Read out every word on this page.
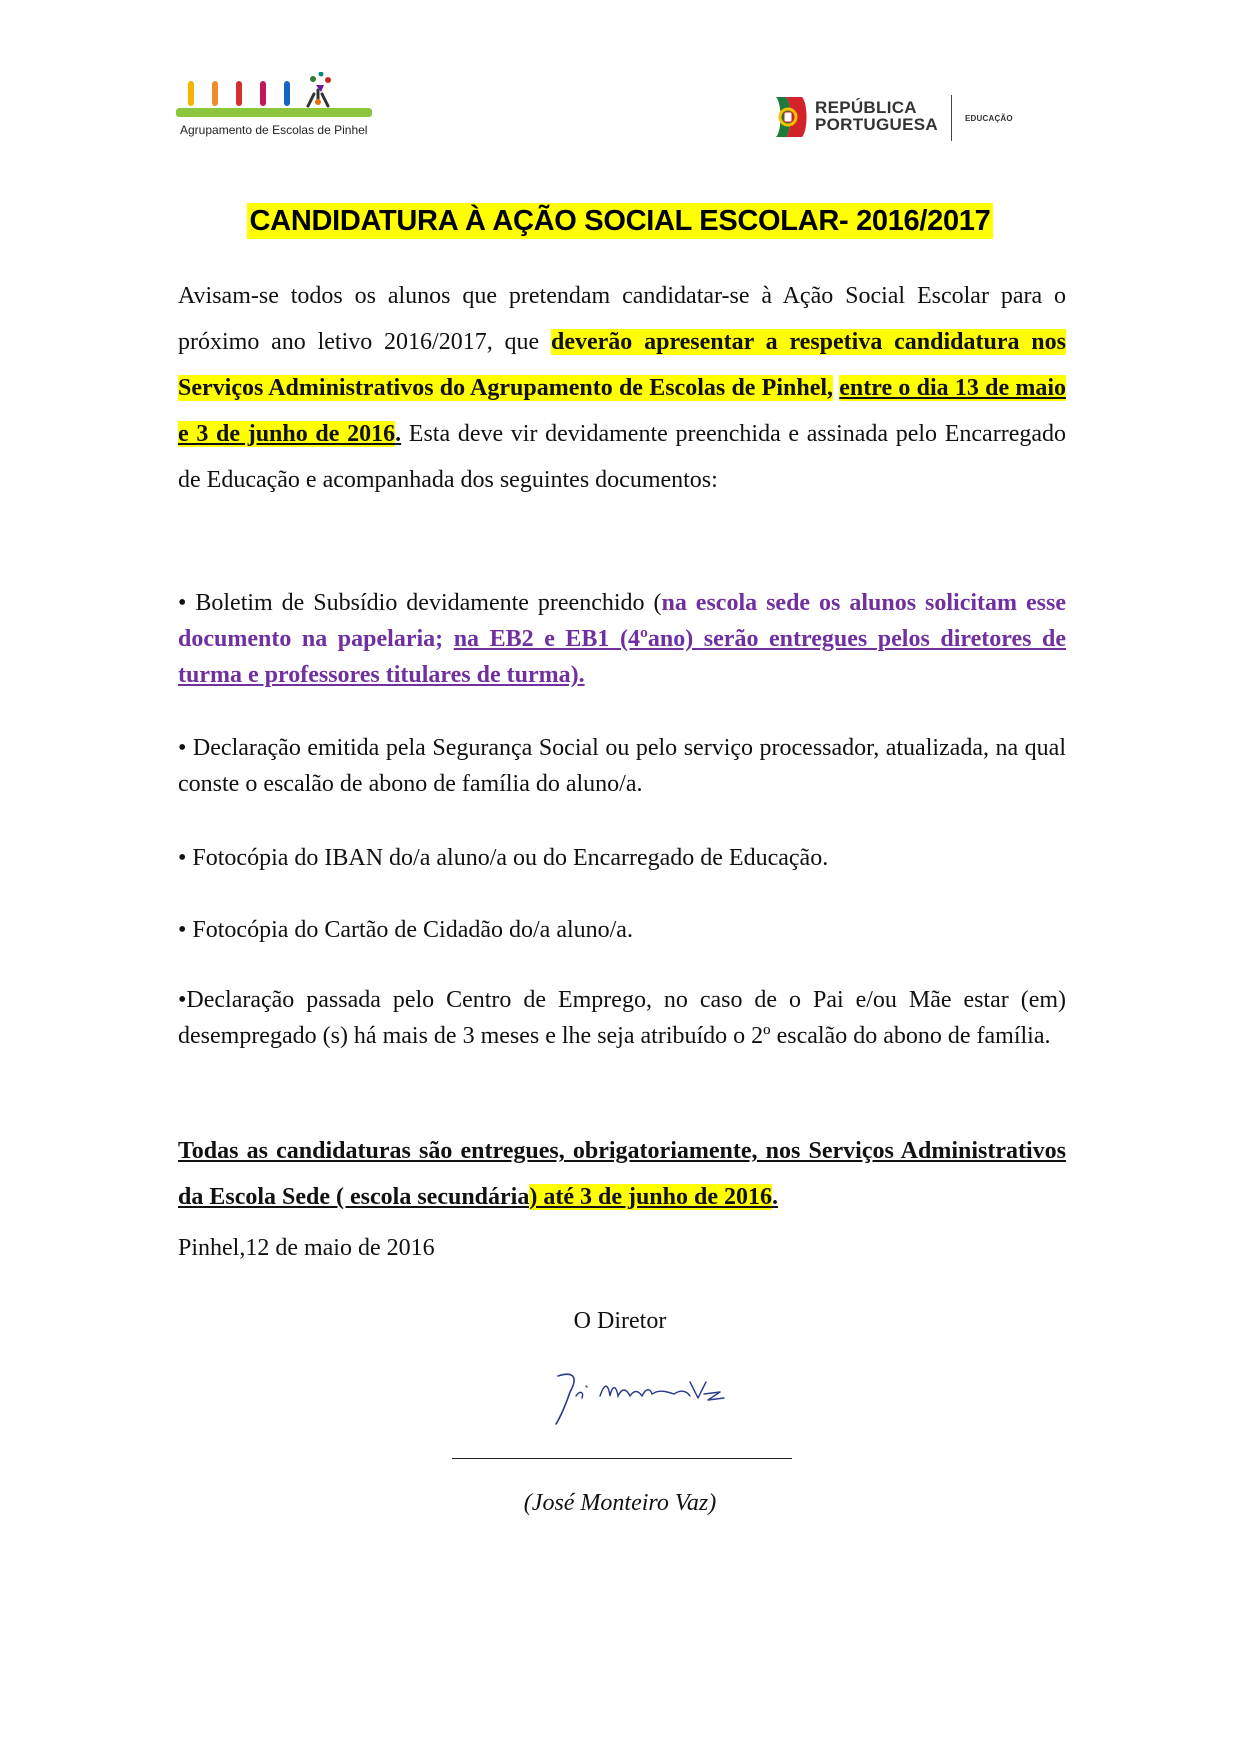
Agrupamento de Escolas de Pinhel
REPÚBLICA
PORTUGUESA	EDUCAÇÃO
CANDIDATURA À AÇÃO SOCIAL ESCOLAR- 2016/2017
Avisam-se todos os alunos que pretendam candidatar-se à Ação Social Escolar para o próximo ano letivo 2016/2017, que deverão apresentar a respetiva candidatura nos Serviços Administrativos do Agrupamento de Escolas de Pinhel, entre o dia 13 de maio e 3 de junho de 2016. Esta deve vir devidamente preenchida e assinada pelo Encarregado de Educação e acompanhada dos seguintes documentos:
• Boletim de Subsídio devidamente preenchido (na escola sede os alunos solicitam esse documento na papelaria; na EB2 e EB1 (4ºano) serão entregues pelos diretores de turma e professores titulares de turma).
• Declaração emitida pela Segurança Social ou pelo serviço processador, atualizada, na qual conste o escalão de abono de família do aluno/a.
• Fotocópia do IBAN do/a aluno/a ou do Encarregado de Educação.
• Fotocópia do Cartão de Cidadão do/a aluno/a.
•Declaração passada pelo Centro de Emprego, no caso de o Pai e/ou Mãe estar (em) desempregado (s) há mais de 3 meses e lhe seja atribuído o 2º escalão do abono de família.
Todas as candidaturas são entregues, obrigatoriamente, nos Serviços Administrativos da Escola Sede ( escola secundária) até 3 de junho de 2016.
Pinhel,12 de maio de 2016
O Diretor
(José Monteiro Vaz)
